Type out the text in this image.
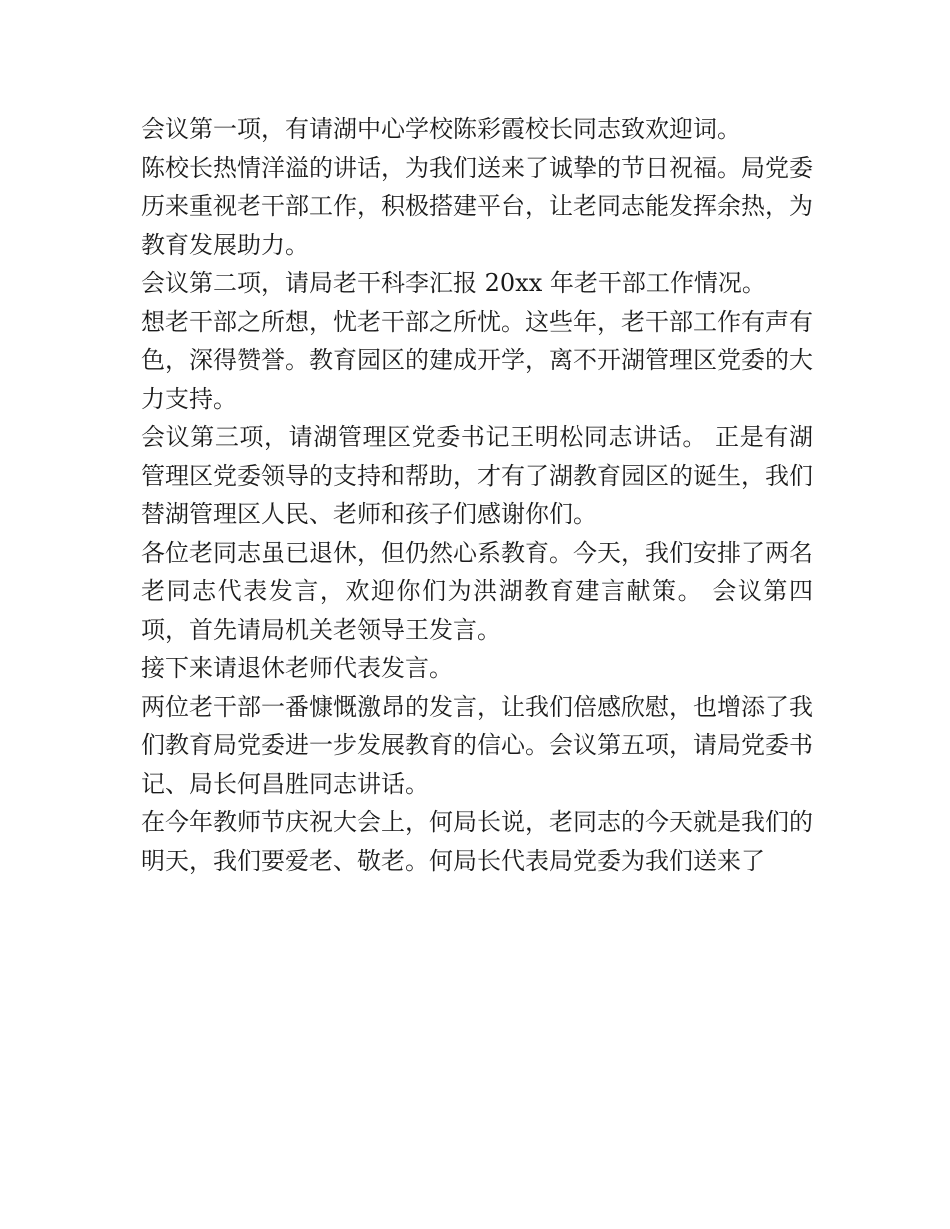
会议第一项，有请湖中心学校陈彩霞校长同志致欢迎词。

陈校长热情洋溢的讲话，为我们送来了诚挚的节日祝福。局党委历来重视老干部工作，积极搭建平台，让老同志能发挥余热，为教育发展助力。

会议第二项，请局老干科李汇报 20xx 年老干部工作情况。

想老干部之所想，忧老干部之所忧。这些年，老干部工作有声有色，深得赞誉。教育园区的建成开学，离不开湖管理区党委的大力支持。

会议第三项，请湖管理区党委书记王明松同志讲话。 正是有湖管理区党委领导的支持和帮助，才有了湖教育园区的诞生，我们替湖管理区人民、老师和孩子们感谢你们。

各位老同志虽已退休，但仍然心系教育。今天，我们安排了两名老同志代表发言，欢迎你们为洪湖教育建言献策。 会议第四项，首先请局机关老领导王发言。

接下来请退休老师代表发言。

两位老干部一番慷慨激昂的发言，让我们倍感欣慰，也增添了我们教育局党委进一步发展教育的信心。会议第五项，请局党委书记、局长何昌胜同志讲话。

在今年教师节庆祝大会上，何局长说，老同志的今天就是我们的明天，我们要爱老、敬老。何局长代表局党委为我们送来了
